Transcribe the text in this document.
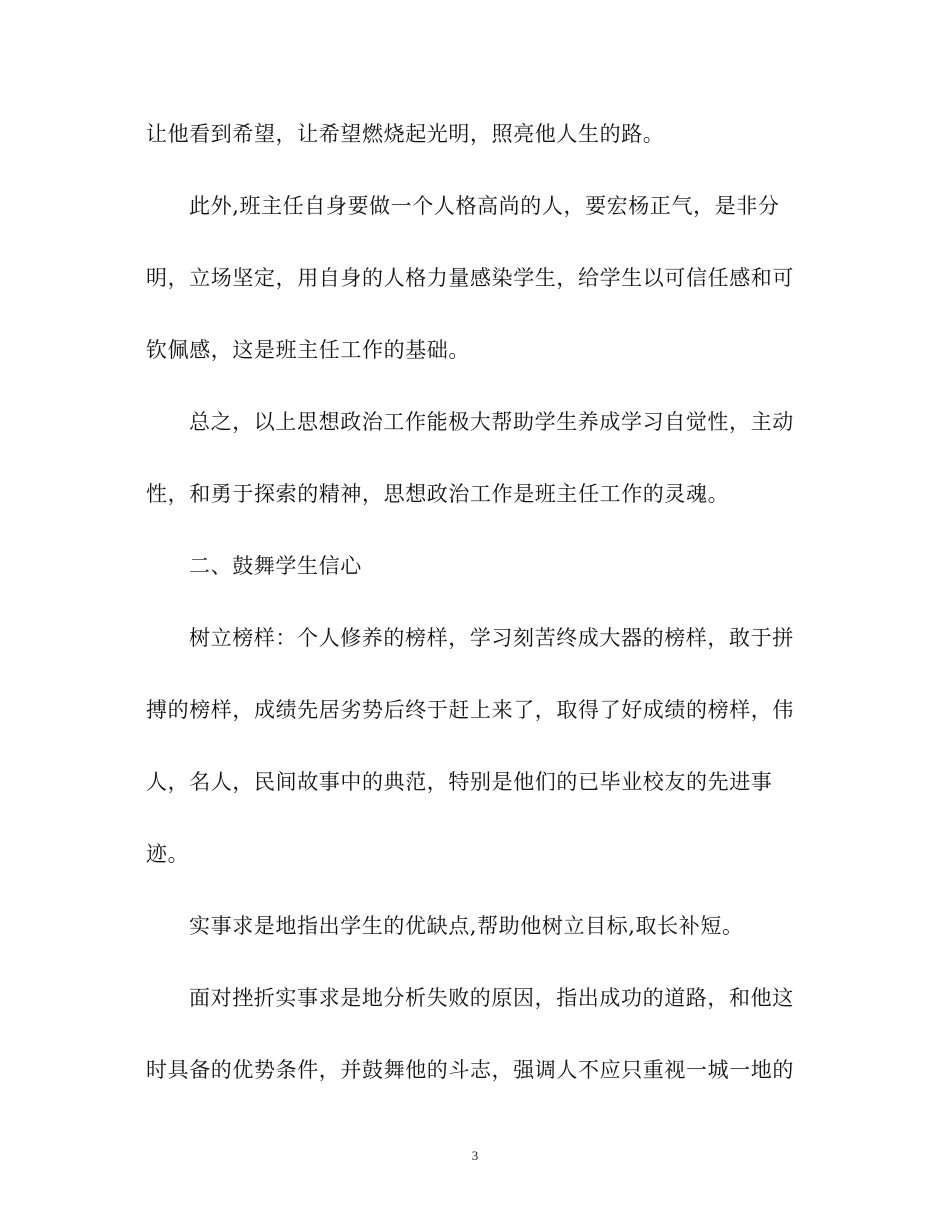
让他看到希望，让希望燃烧起光明，照亮他人生的路。
此外,班主任自身要做一个人格高尚的人，要宏杨正气，是非分
明，立场坚定，用自身的人格力量感染学生，给学生以可信任感和可
钦佩感，这是班主任工作的基础。
总之，以上思想政治工作能极大帮助学生养成学习自觉性，主动
性，和勇于探索的精神，思想政治工作是班主任工作的灵魂。
二、鼓舞学生信心
树立榜样：个人修养的榜样，学习刻苦终成大器的榜样，敢于拼
搏的榜样，成绩先居劣势后终于赶上来了，取得了好成绩的榜样，伟
人，名人，民间故事中的典范，特别是他们的已毕业校友的先进事
迹。
实事求是地指出学生的优缺点,帮助他树立目标,取长补短。
面对挫折实事求是地分析失败的原因，指出成功的道路，和他这
时具备的优势条件，并鼓舞他的斗志，强调人不应只重视一城一地的
3
